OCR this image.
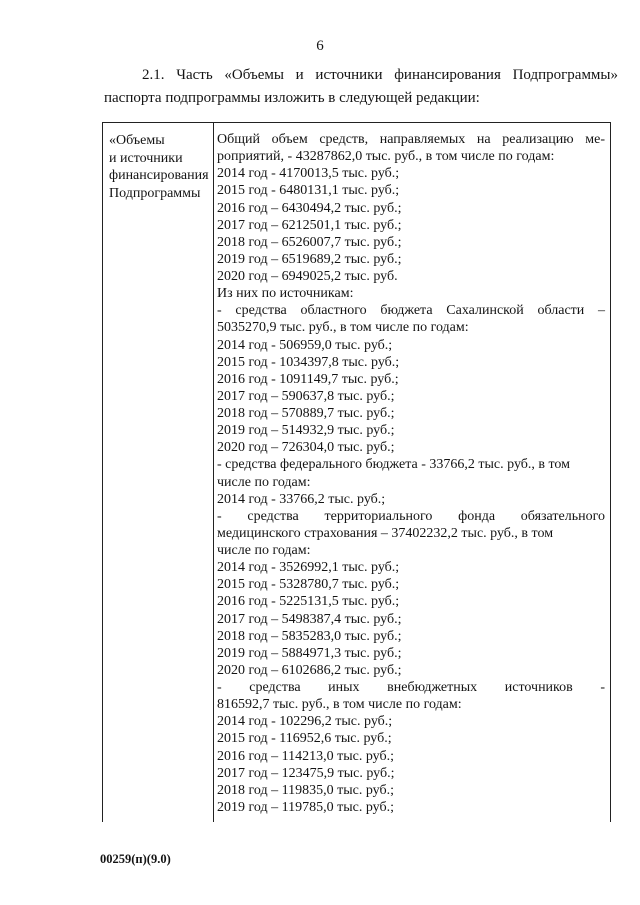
6
2.1. Часть «Объемы и источники финансирования Подпрограммы»
паспорта подпрограммы изложить в следующей редакции:
«Объемы
и источники
финансирования
Подпрограммы
Общий объем средств, направляемых на реализацию ме-
роприятий, - 43287862,0 тыс. руб., в том числе по годам:
2014 год - 4170013,5 тыс. руб.;
2015 год - 6480131,1 тыс. руб.;
2016 год – 6430494,2 тыс. руб.;
2017 год – 6212501,1 тыс. руб.;
2018 год – 6526007,7 тыс. руб.;
2019 год – 6519689,2 тыс. руб.;
2020 год – 6949025,2 тыс. руб.
Из них по источникам:
- средства областного бюджета Сахалинской области –
5035270,9 тыс. руб., в том числе по годам:
2014 год - 506959,0 тыс. руб.;
2015 год - 1034397,8 тыс. руб.;
2016 год - 1091149,7 тыс. руб.;
2017 год – 590637,8 тыс. руб.;
2018 год – 570889,7 тыс. руб.;
2019 год – 514932,9 тыс. руб.;
2020 год – 726304,0 тыс. руб.;
- средства федерального бюджета - 33766,2 тыс. руб., в том
числе по годам:
2014 год - 33766,2 тыс. руб.;
- средства территориального фонда обязательного
медицинского страхования – 37402232,2 тыс. руб., в том
числе по годам:
2014 год - 3526992,1 тыс. руб.;
2015 год - 5328780,7 тыс. руб.;
2016 год - 5225131,5 тыс. руб.;
2017 год – 5498387,4 тыс. руб.;
2018 год – 5835283,0 тыс. руб.;
2019 год – 5884971,3 тыс. руб.;
2020 год – 6102686,2 тыс. руб.;
- средства иных внебюджетных источников -
816592,7 тыс. руб., в том числе по годам:
2014 год - 102296,2 тыс. руб.;
2015 год - 116952,6 тыс. руб.;
2016 год – 114213,0 тыс. руб.;
2017 год – 123475,9 тыс. руб.;
2018 год – 119835,0 тыс. руб.;
2019 год – 119785,0 тыс. руб.;
00259(п)(9.0)
